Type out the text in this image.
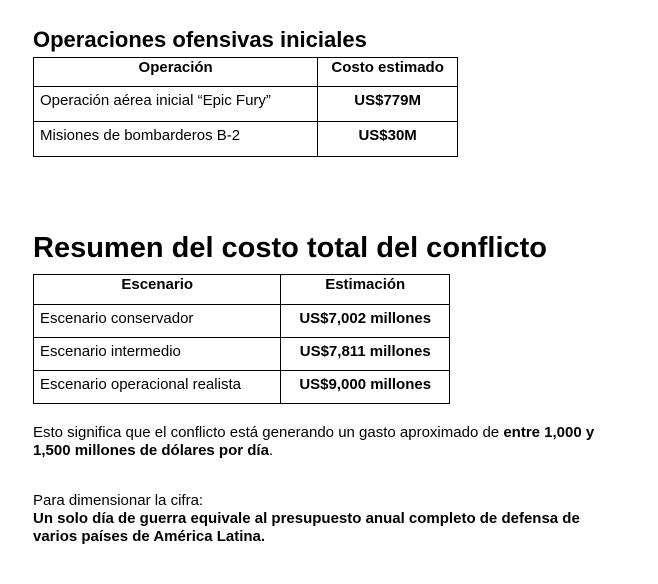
Operaciones ofensivas iniciales
Operación	Costo estimado
Operación aérea inicial “Epic Fury”	US$779M
Misiones de bombarderos B-2	US$30M
Resumen del costo total del conflicto
Escenario	Estimación
Escenario conservador	US$7,002 millones
Escenario intermedio	US$7,811 millones
Escenario operacional realista	US$9,000 millones

Esto significa que el conflicto está generando un gasto aproximado de entre 1,000 y 1,500 millones de dólares por día.

Para dimensionar la cifra:

Un solo día de guerra equivale al presupuesto anual completo de defensa de varios países de América Latina.
